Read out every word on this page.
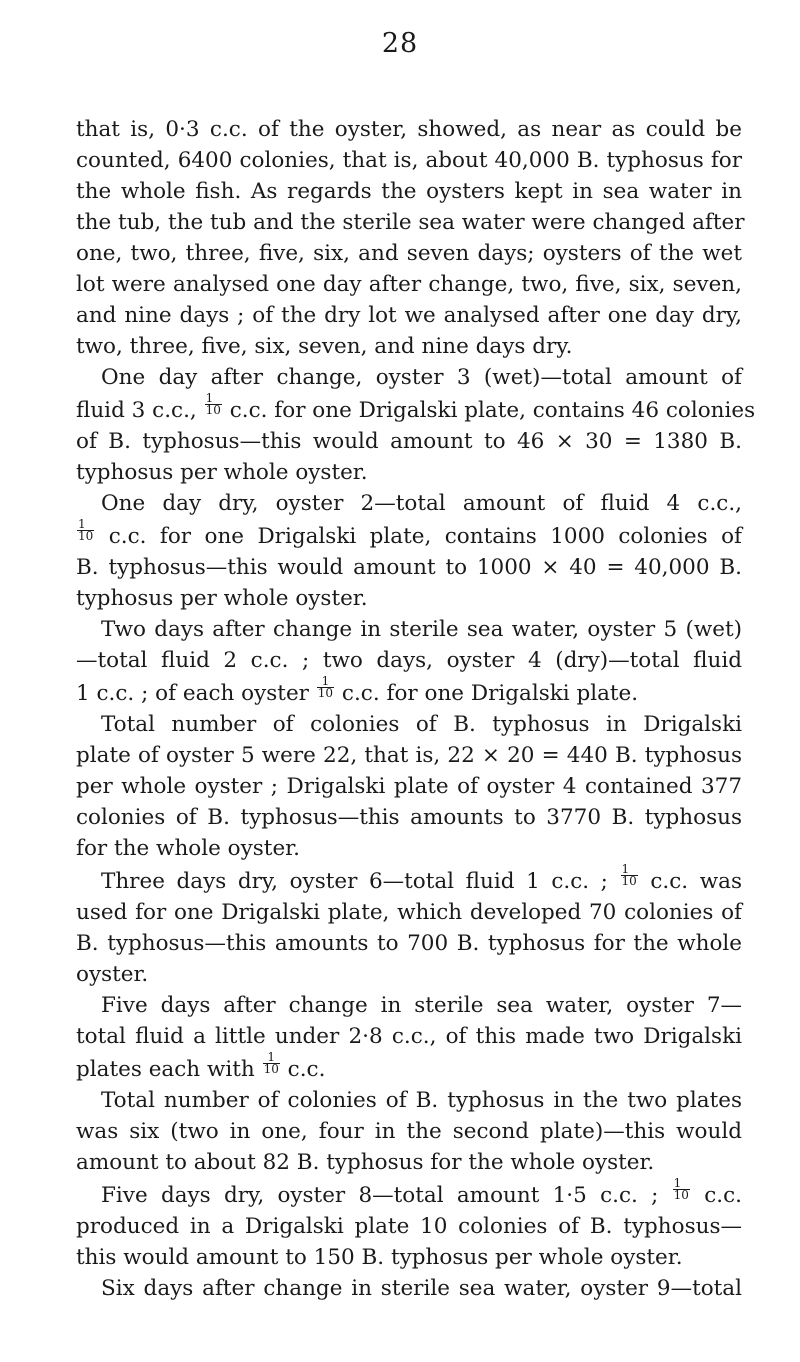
28
that is, 0·3 c.c. of the oyster, showed, as near as could be
counted, 6400 colonies, that is, about 40,000 B. typhosus for
the whole fish. As regards the oysters kept in sea water in
the tub, the tub and the sterile sea water were changed after
one, two, three, five, six, and seven days; oysters of the wet
lot were analysed one day after change, two, five, six, seven,
and nine days ; of the dry lot we analysed after one day dry,
two, three, five, six, seven, and nine days dry.
One day after change, oyster 3 (wet)—total amount of
fluid 3 c.c., $\frac{1}{10} c.c$. for one Drigalski plate, contains 46 colonies
of B. typhosus—this would amount to 46 × 30 = 1380 B.
typhosus per whole oyster.
One day dry, oyster 2—total amount of fluid 4 c.c.,
$\frac{1}{10} c.c$. for one Drigalski plate, contains 1000 colonies of
B. typhosus—this would amount to 1000 × 40 = 40,000 B.
typhosus per whole oyster.
Two days after change in sterile sea water, oyster 5 (wet)
—total fluid 2 c.c. ; two days, oyster 4 (dry)—total fluid
1 c.c. ; of each oyster $\frac{1}{10} c.c$. for one Drigalski plate.
Total number of colonies of B. typhosus in Drigalski
plate of oyster 5 were 22, that is, 22 × 20 = 440 B. typhosus
per whole oyster ; Drigalski plate of oyster 4 contained 377
colonies of B. typhosus—this amounts to 3770 B. typhosus
for the whole oyster.
Three days dry, oyster 6—total fluid 1 c.c. ; $\frac{1}{10} c.c$. was
used for one Drigalski plate, which developed 70 colonies of
B. typhosus—this amounts to 700 B. typhosus for the whole
oyster.
Five days after change in sterile sea water, oyster 7—
total fluid a little under 2·8 c.c., of this made two Drigalski
plates each with $\frac{1}{10} c.c$.
Total number of colonies of B. typhosus in the two plates
was six (two in one, four in the second plate)—this would
amount to about 82 B. typhosus for the whole oyster.
Five days dry, oyster 8—total amount 1·5 c.c. ; $\frac{1}{10} c.c$.
produced in a Drigalski plate 10 colonies of B. typhosus—
this would amount to 150 B. typhosus per whole oyster.
Six days after change in sterile sea water, oyster 9—total
